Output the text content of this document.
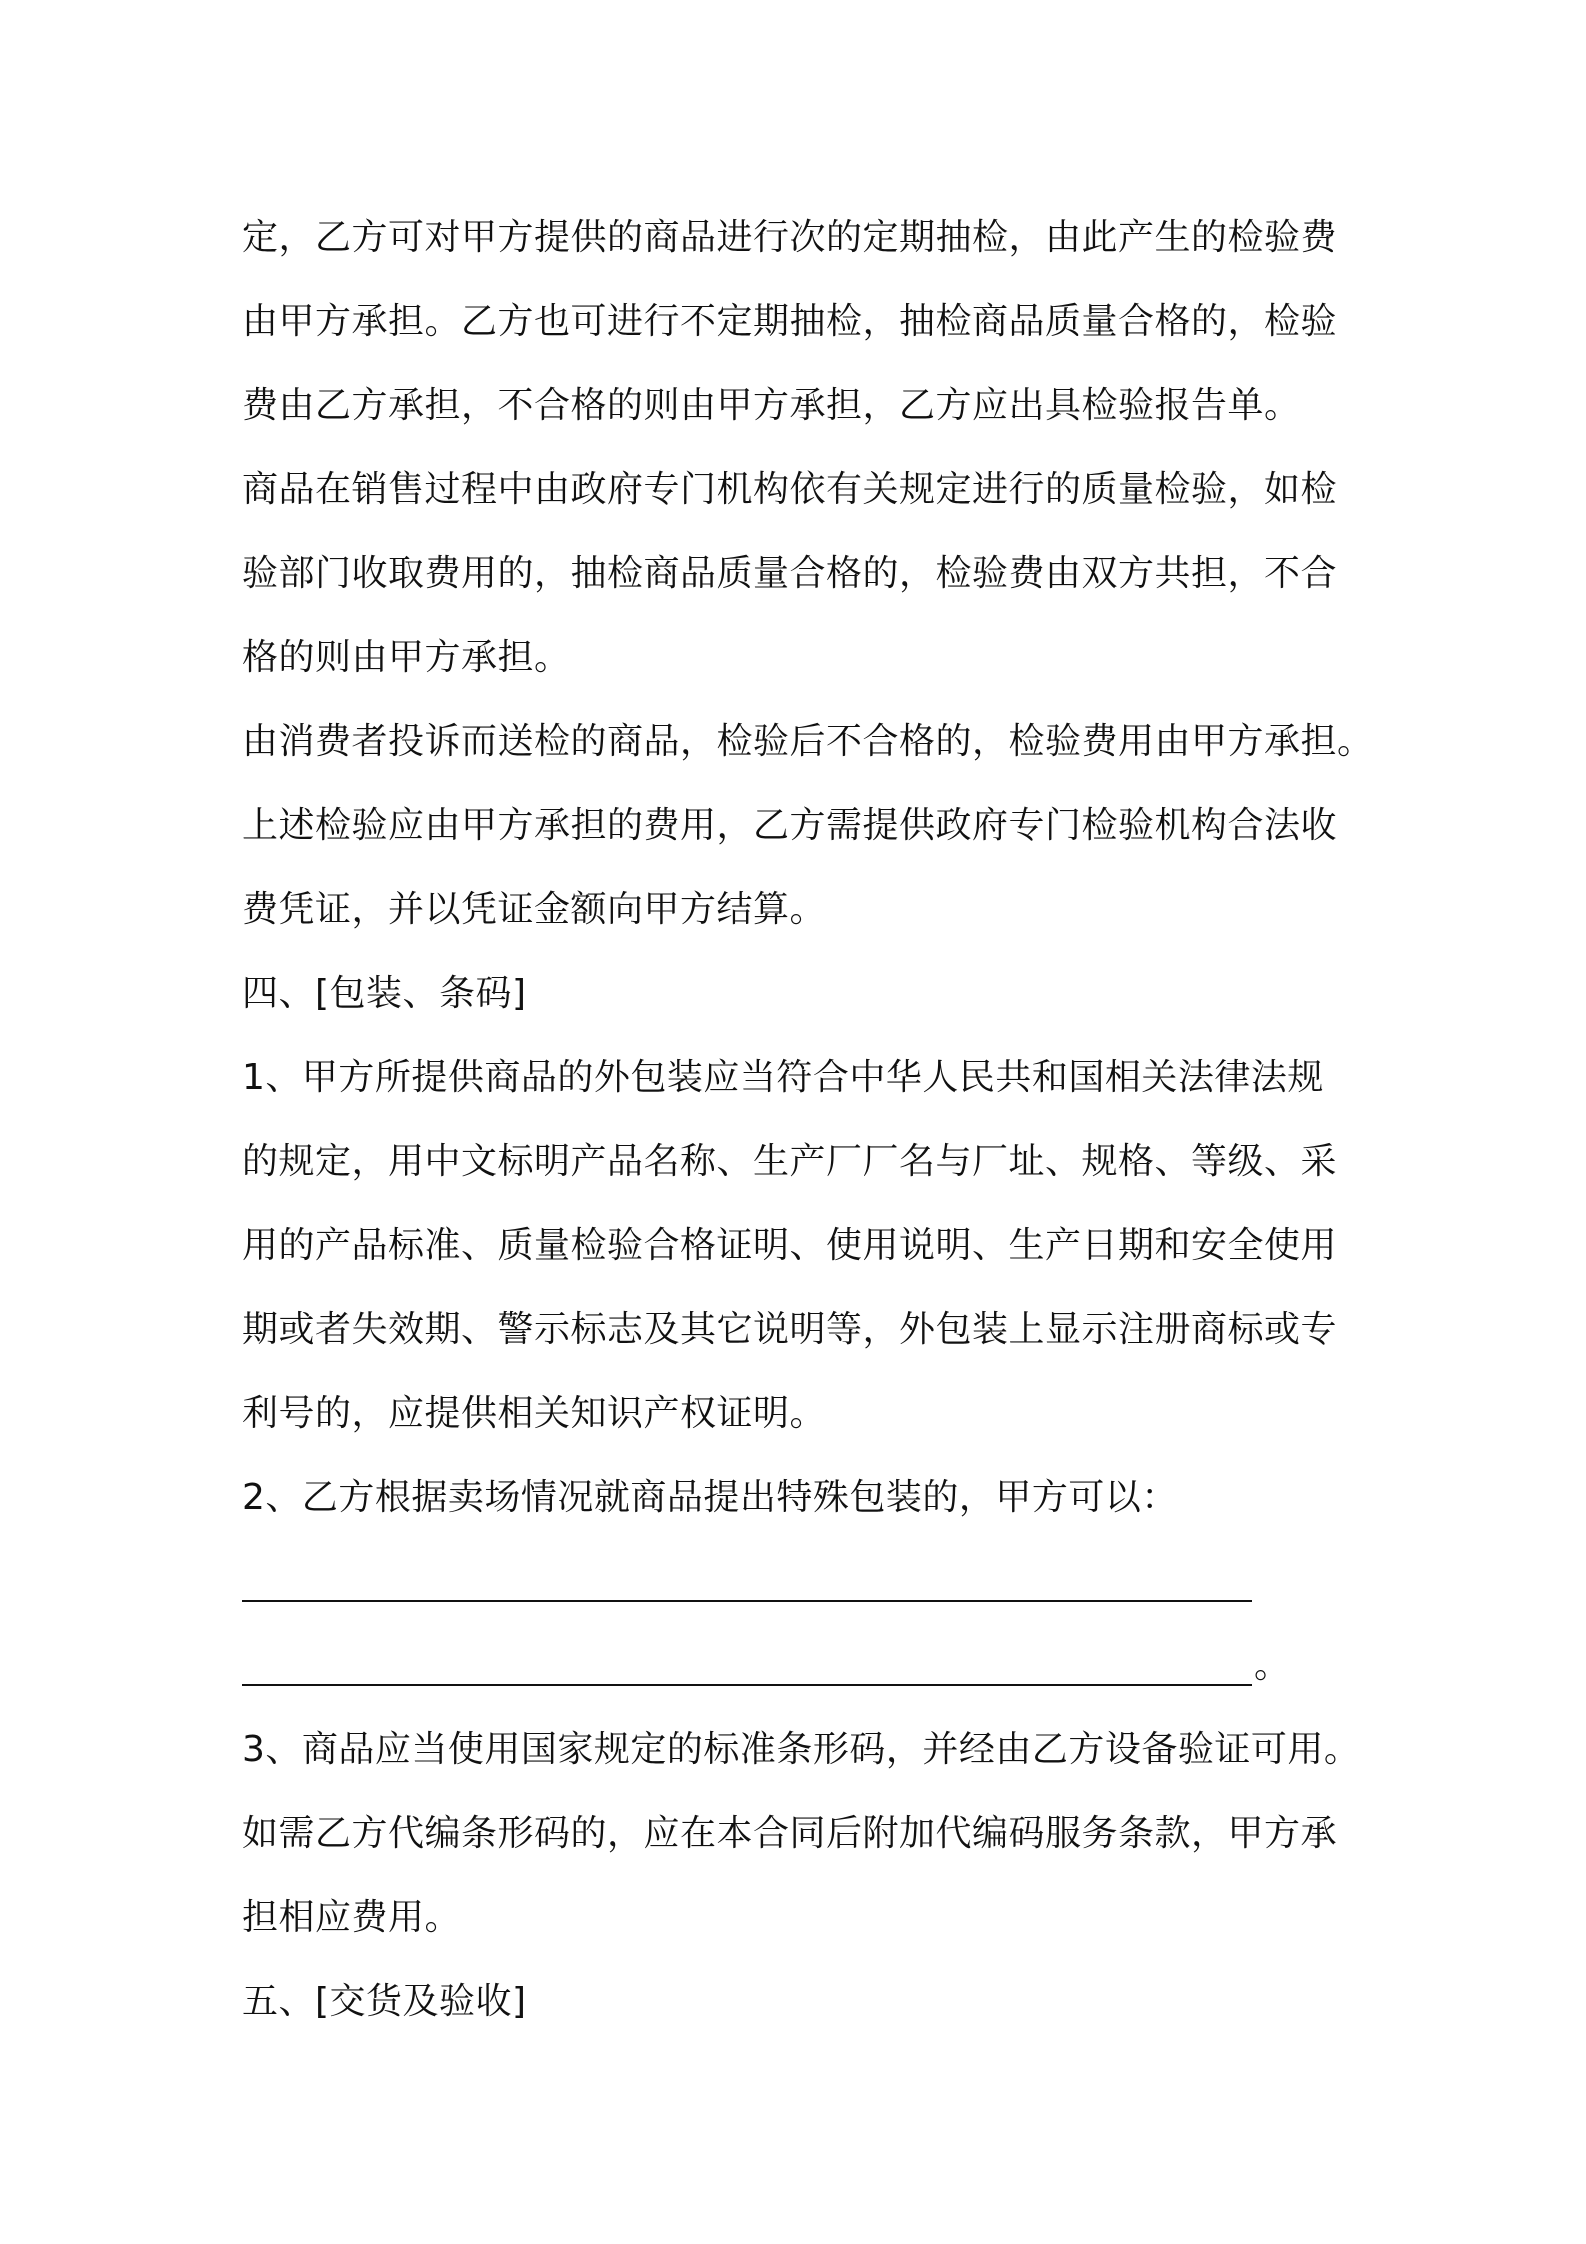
定，乙方可对甲方提供的商品进行次的定期抽检，由此产生的检验费
由甲方承担。乙方也可进行不定期抽检，抽检商品质量合格的，检验
费由乙方承担，不合格的则由甲方承担，乙方应出具检验报告单。
商品在销售过程中由政府专门机构依有关规定进行的质量检验，如检
验部门收取费用的，抽检商品质量合格的，检验费由双方共担，不合
格的则由甲方承担。
由消费者投诉而送检的商品，检验后不合格的，检验费用由甲方承担。
上述检验应由甲方承担的费用，乙方需提供政府专门检验机构合法收
费凭证，并以凭证金额向甲方结算。
四、[包装、条码]
1、甲方所提供商品的外包装应当符合中华人民共和国相关法律法规
的规定，用中文标明产品名称、生产厂厂名与厂址、规格、等级、采
用的产品标准、质量检验合格证明、使用说明、生产日期和安全使用
期或者失效期、警示标志及其它说明等，外包装上显示注册商标或专
利号的，应提供相关知识产权证明。
2、乙方根据卖场情况就商品提出特殊包装的，甲方可以：
。
3、商品应当使用国家规定的标准条形码，并经由乙方设备验证可用。
如需乙方代编条形码的，应在本合同后附加代编码服务条款，甲方承
担相应费用。
五、[交货及验收]
